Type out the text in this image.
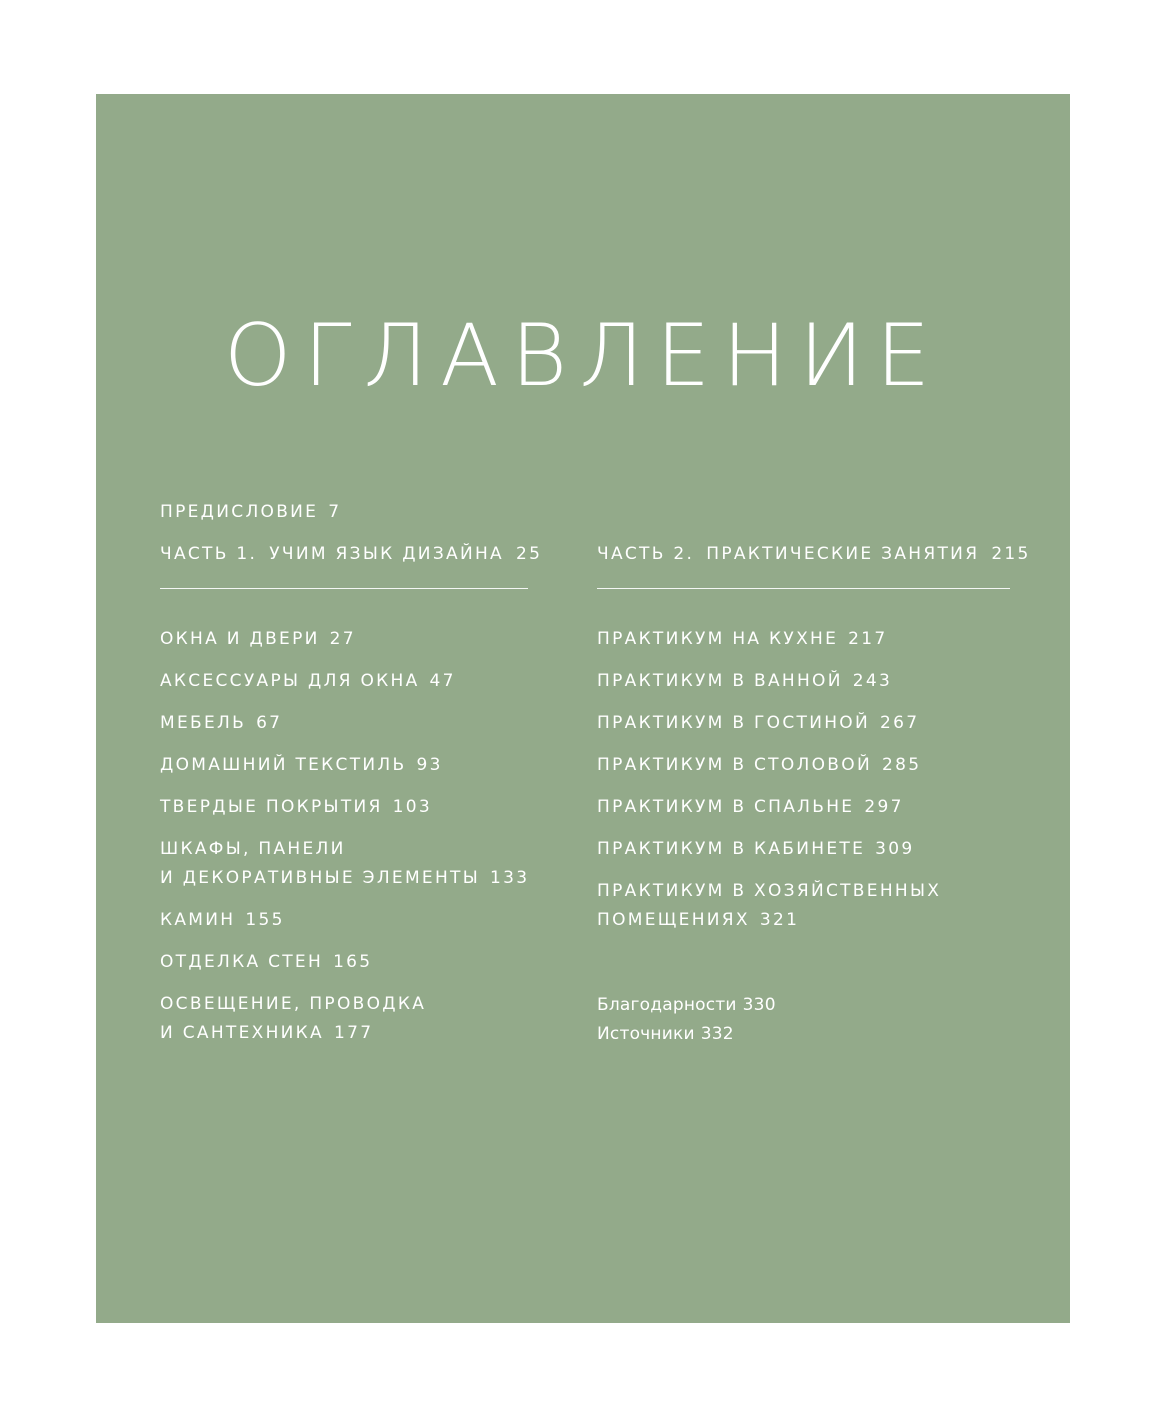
ОГЛАВЛЕНИЕ
ПРЕДИСЛОВИЕ 7
ЧАСТЬ 1. УЧИМ ЯЗЫК ДИЗАЙНА 25
ОКНА И ДВЕРИ 27
АКСЕССУАРЫ ДЛЯ ОКНА 47
МЕБЕЛЬ 67
ДОМАШНИЙ ТЕКСТИЛЬ 93
ТВЕРДЫЕ ПОКРЫТИЯ 103
ШКАФЫ, ПАНЕЛИ
И ДЕКОРАТИВНЫЕ ЭЛЕМЕНТЫ 133
КАМИН 155
ОТДЕЛКА СТЕН 165
ОСВЕЩЕНИЕ, ПРОВОДКА
И САНТЕХНИКА 177
ЧАСТЬ 2. ПРАКТИЧЕСКИЕ ЗАНЯТИЯ 215
ПРАКТИКУМ НА КУХНЕ 217
ПРАКТИКУМ В ВАННОЙ 243
ПРАКТИКУМ В ГОСТИНОЙ 267
ПРАКТИКУМ В СТОЛОВОЙ 285
ПРАКТИКУМ В СПАЛЬНЕ 297
ПРАКТИКУМ В КАБИНЕТЕ 309
ПРАКТИКУМ В ХОЗЯЙСТВЕННЫХ
ПОМЕЩЕНИЯХ 321
Благодарности 330
Источники 332
